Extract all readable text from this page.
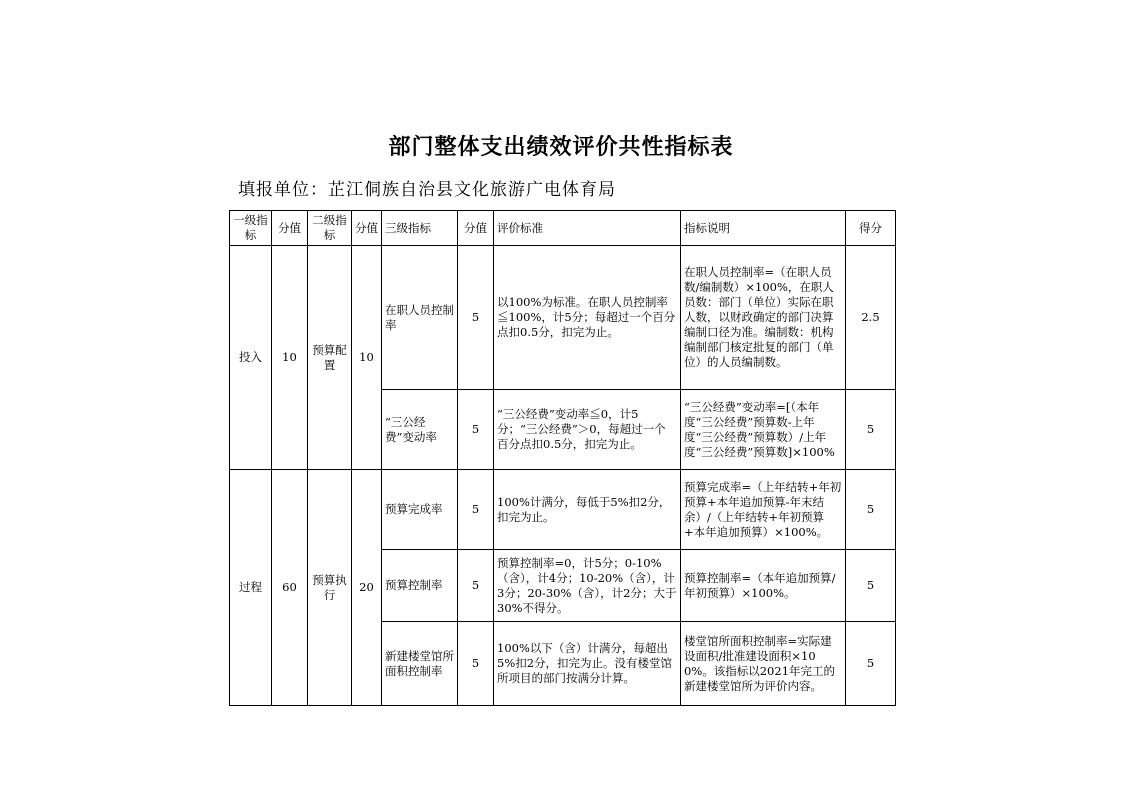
部门整体支出绩效评价共性指标表
填报单位：芷江侗族自治县文化旅游广电体育局
一级指标	分值	二级指标	分值	三级指标	分值	评价标准	指标说明	得分
投入	10	预算配置	10	在职人员控制率	5	以100%为标准。在职人员控制率≦100%，计5分；每超过一个百分点扣0.5分，扣完为止。	在职人员控制率=（在职人员数/编制数）×100%，在职人员数：部门（单位）实际在职人数，以财政确定的部门决算编制口径为准。编制数：机构编制部门核定批复的部门（单位）的人员编制数。	2.5
				“三公经费”变动率	5	“三公经费”变动率≦0，计5分；“三公经费”＞0，每超过一个百分点扣0.5分，扣完为止。	“三公经费”变动率=[（本年度“三公经费”预算数-上年度“三公经费”预算数）/上年度“三公经费”预算数]×100%	5
过程	60	预算执行	20	预算完成率	5	100%计满分，每低于5%扣2分，扣完为止。	预算完成率=（上年结转+年初预算+本年追加预算-年末结余）/（上年结转+年初预算+本年追加预算）×100%。	5
				预算控制率	5	预算控制率=0，计5分；0-10%（含），计4分；10-20%（含），计3分；20-30%（含），计2分；大于30%不得分。	预算控制率=（本年追加预算/年初预算）×100%。	5
				新建楼堂馆所面积控制率	5	100%以下（含）计满分，每超出5%扣2分，扣完为止。没有楼堂馆所项目的部门按满分计算。	楼堂馆所面积控制率=实际建设面积/批准建设面积×100%。该指标以2021年完工的新建楼堂馆所为评价内容。	5
